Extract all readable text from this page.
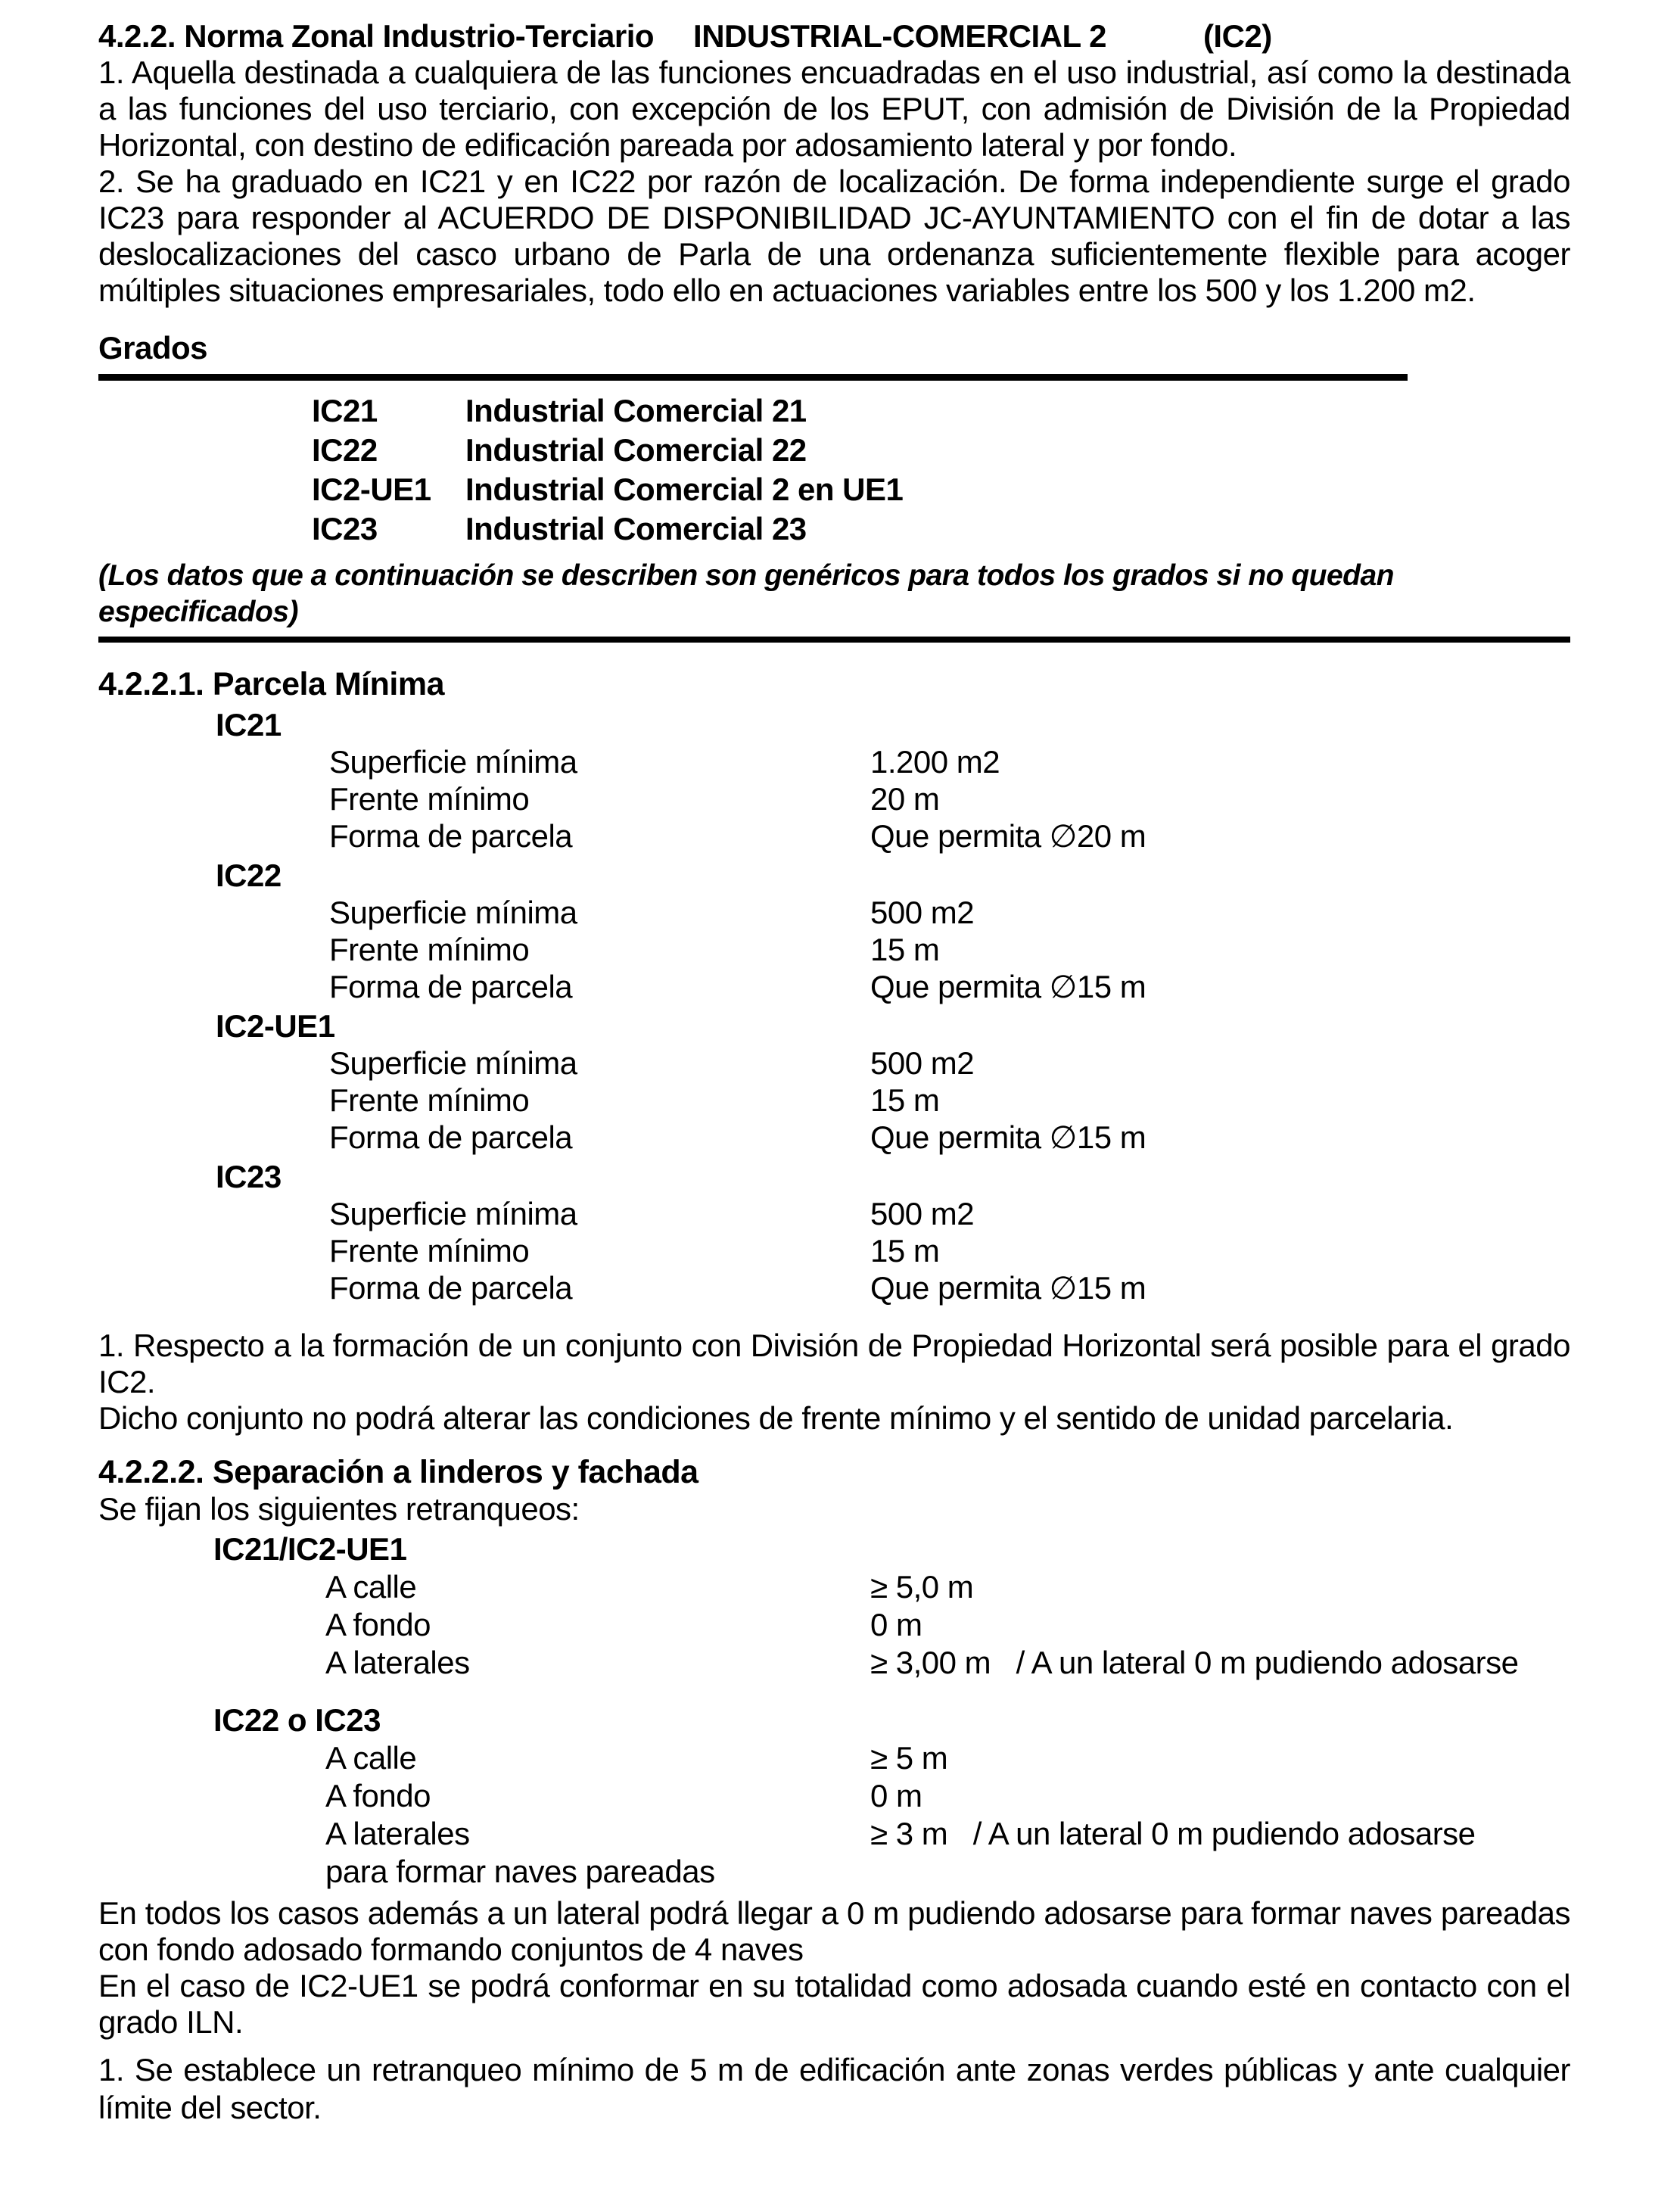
4.2.2. Norma Zonal Industrio-Terciario INDUSTRIAL-COMERCIAL 2	(IC2)

1. Aquella destinada a cualquiera de las funciones encuadradas en el uso industrial, así como la destinada a las funciones del uso terciario, con excepción de los EPUT, con admisión de División de la Propiedad Horizontal, con destino de edificación pareada por adosamiento lateral y por fondo.

2. Se ha graduado en IC21 y en IC22 por razón de localización. De forma independiente surge el grado IC23 para responder al ACUERDO DE DISPONIBILIDAD JC-AYUNTAMIENTO con el fin de dotar a las deslocalizaciones del casco urbano de Parla de una ordenanza suficientemente flexible para acoger múltiples situaciones empresariales, todo ello en actuaciones variables entre los 500 y los 1.200 m2.

Grados
IC21	Industrial Comercial 21
IC22	Industrial Comercial 22
IC2-UE1 Industrial Comercial 2 en UE1
IC23	Industrial Comercial 23
(Los datos que a continuación se describen son genéricos para todos los grados si no quedan especificados)
4.2.2.1. Parcela Mínima
IC21
Superficie mínima	1.200 m2
Frente mínimo	20 m
Forma de parcela	Que permita ∅20 m
IC22
Superficie mínima	500 m2
Frente mínimo	15 m
Forma de parcela	Que permita ∅15 m
IC2-UE1
Superficie mínima	500 m2
Frente mínimo	15 m
Forma de parcela	Que permita ∅15 m
IC23
Superficie mínima	500 m2
Frente mínimo	15 m
Forma de parcela	Que permita ∅15 m

1. Respecto a la formación de un conjunto con División de Propiedad Horizontal será posible para el grado IC2.

Dicho conjunto no podrá alterar las condiciones de frente mínimo y el sentido de unidad parcelaria.

4.2.2.2. Separación a linderos y fachada

Se fijan los siguientes retranqueos:

IC21/IC2-UE1
A calle	≥ 5,0 m
A fondo	0 m
A laterales	≥ 3,00 m   / A un lateral 0 m pudiendo adosarse
IC22 o IC23
A calle	≥ 5 m
A fondo	0 m
A laterales	≥ 3 m   / A un lateral 0 m pudiendo adosarse
para formar naves pareadas

En todos los casos además a un lateral podrá llegar a 0 m pudiendo adosarse para formar naves pareadas con fondo adosado formando conjuntos de 4 naves

En el caso de IC2-UE1 se podrá conformar en su totalidad como adosada cuando esté en contacto con el grado ILN.

1. Se establece un retranqueo mínimo de 5 m de edificación ante zonas verdes públicas y ante cualquier límite del sector.
